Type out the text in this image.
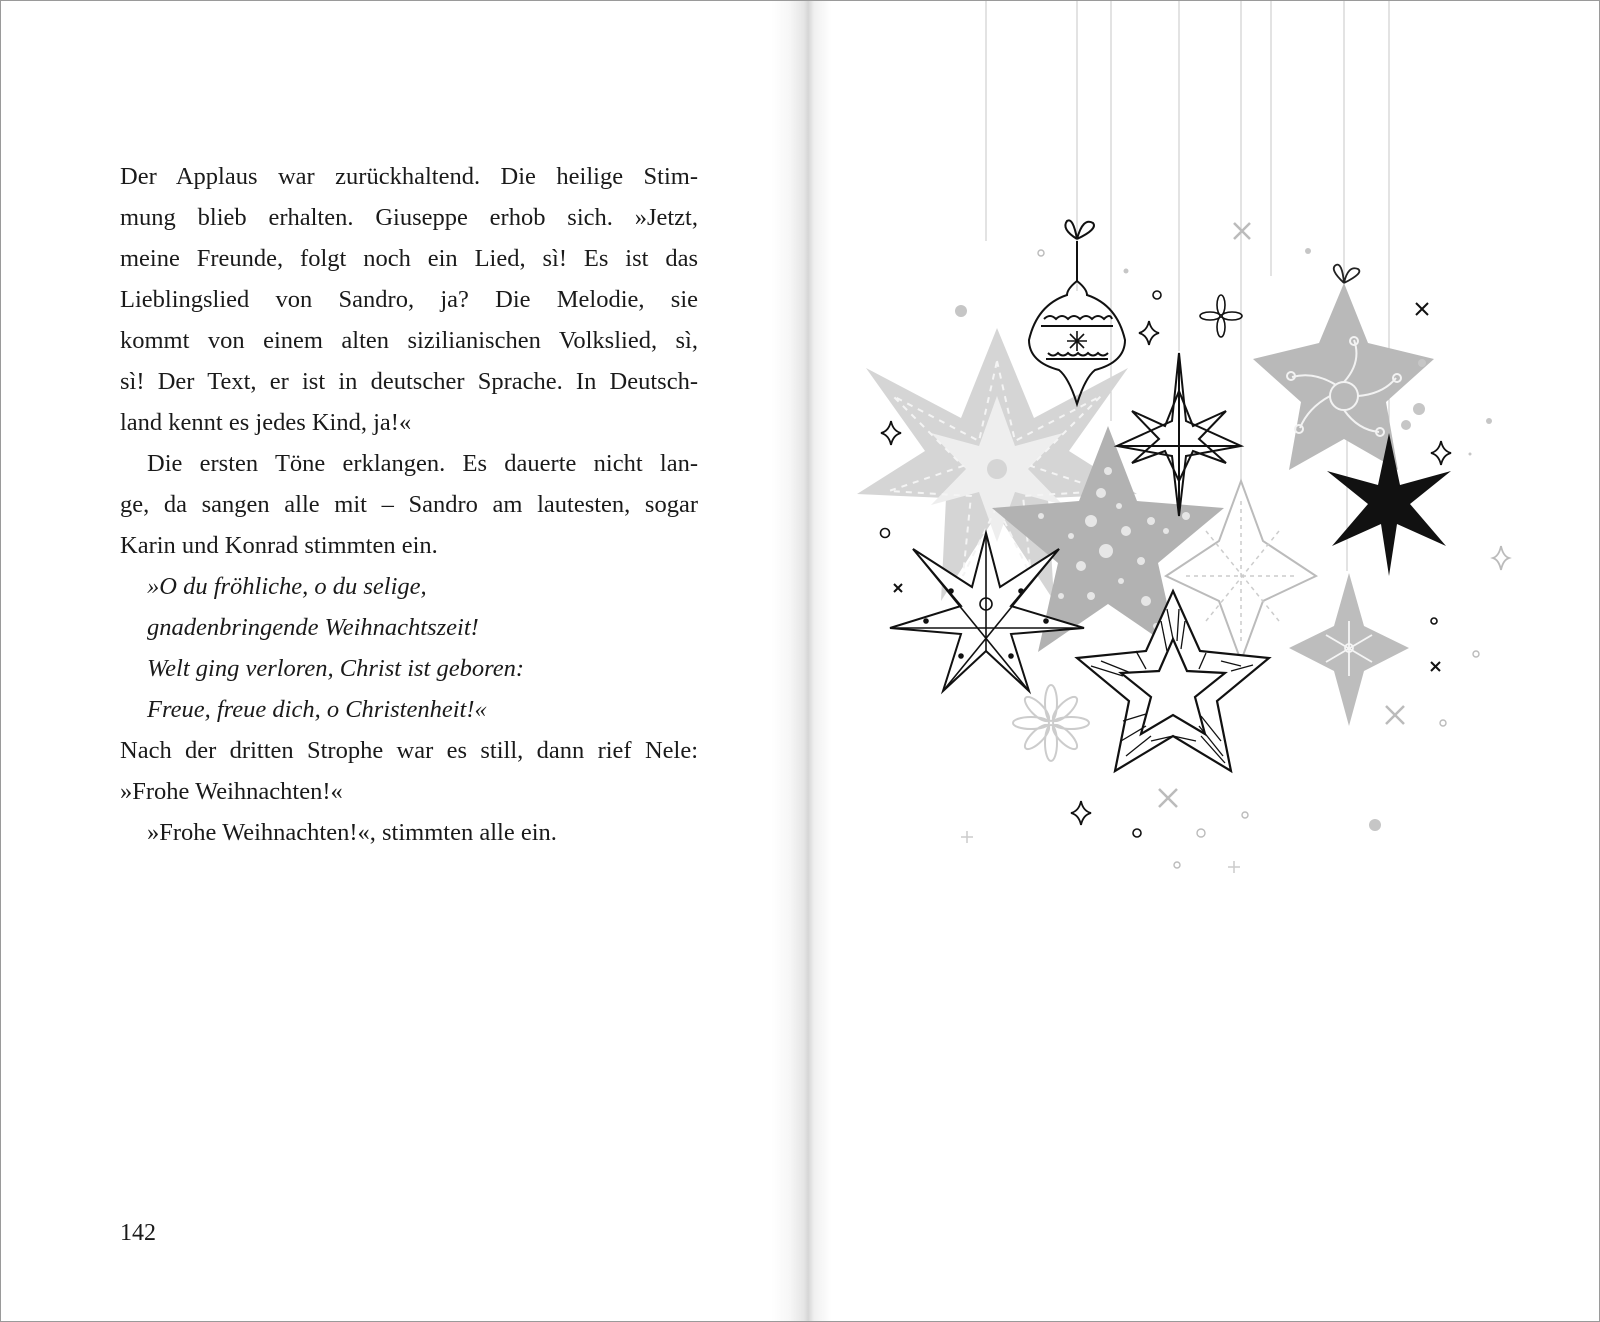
Der Applaus war zurückhaltend. Die heilige Stim-

mung blieb erhalten. Giuseppe erhob sich. »Jetzt,

meine Freunde, folgt noch ein Lied, sì! Es ist das

Lieblingslied von Sandro, ja? Die Melodie, sie

kommt von einem alten sizilianischen Volkslied, sì,

sì! Der Text, er ist in deutscher Sprache. In Deutsch-

land kennt es jedes Kind, ja!«

Die ersten Töne erklangen. Es dauerte nicht lan-

ge, da sangen alle mit – Sandro am lautesten, sogar

Karin und Konrad stimmten ein.

»O du fröhliche, o du selige,

gnadenbringende Weihnachtszeit!

Welt ging verloren, Christ ist geboren:

Freue, freue dich, o Christenheit!«

Nach der dritten Strophe war es still, dann rief Nele:

»Frohe Weihnachten!«

»Frohe Weihnachten!«, stimmten alle ein.

142
